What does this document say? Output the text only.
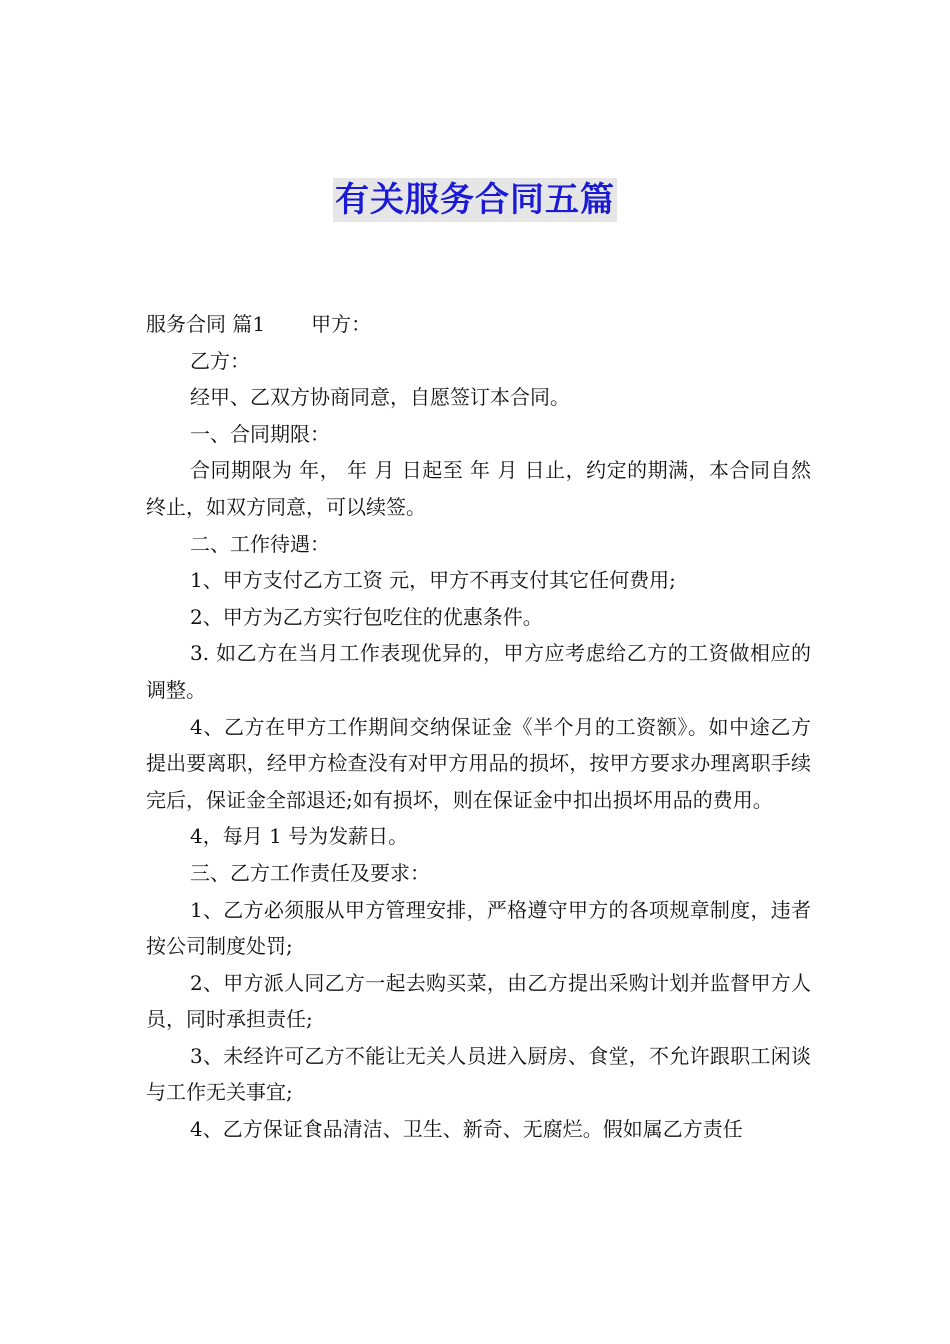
有关服务合同五篇

服务合同 篇1 甲方：

乙方：

经甲、乙双方协商同意，自愿签订本合同。

一、合同期限：

合同期限为 年， 年 月 日起至 年 月 日止，约定的期满，本合同自然终止，如双方同意，可以续签。

二、工作待遇：

1、甲方支付乙方工资 元，甲方不再支付其它任何费用;

2、甲方为乙方实行包吃住的优惠条件。

3. 如乙方在当月工作表现优异的，甲方应考虑给乙方的工资做相应的调整。

4、乙方在甲方工作期间交纳保证金《半个月的工资额》。如中途乙方提出要离职，经甲方检查没有对甲方用品的损坏，按甲方要求办理离职手续完后，保证金全部退还;如有损坏，则在保证金中扣出损坏用品的费用。

4，每月 1 号为发薪日。

三、乙方工作责任及要求：

1、乙方必须服从甲方管理安排，严格遵守甲方的各项规章制度，违者按公司制度处罚;

2、甲方派人同乙方一起去购买菜，由乙方提出采购计划并监督甲方人员，同时承担责任;

3、未经许可乙方不能让无关人员进入厨房、食堂，不允许跟职工闲谈与工作无关事宜;

4、乙方保证食品清洁、卫生、新奇、无腐烂。假如属乙方责任
